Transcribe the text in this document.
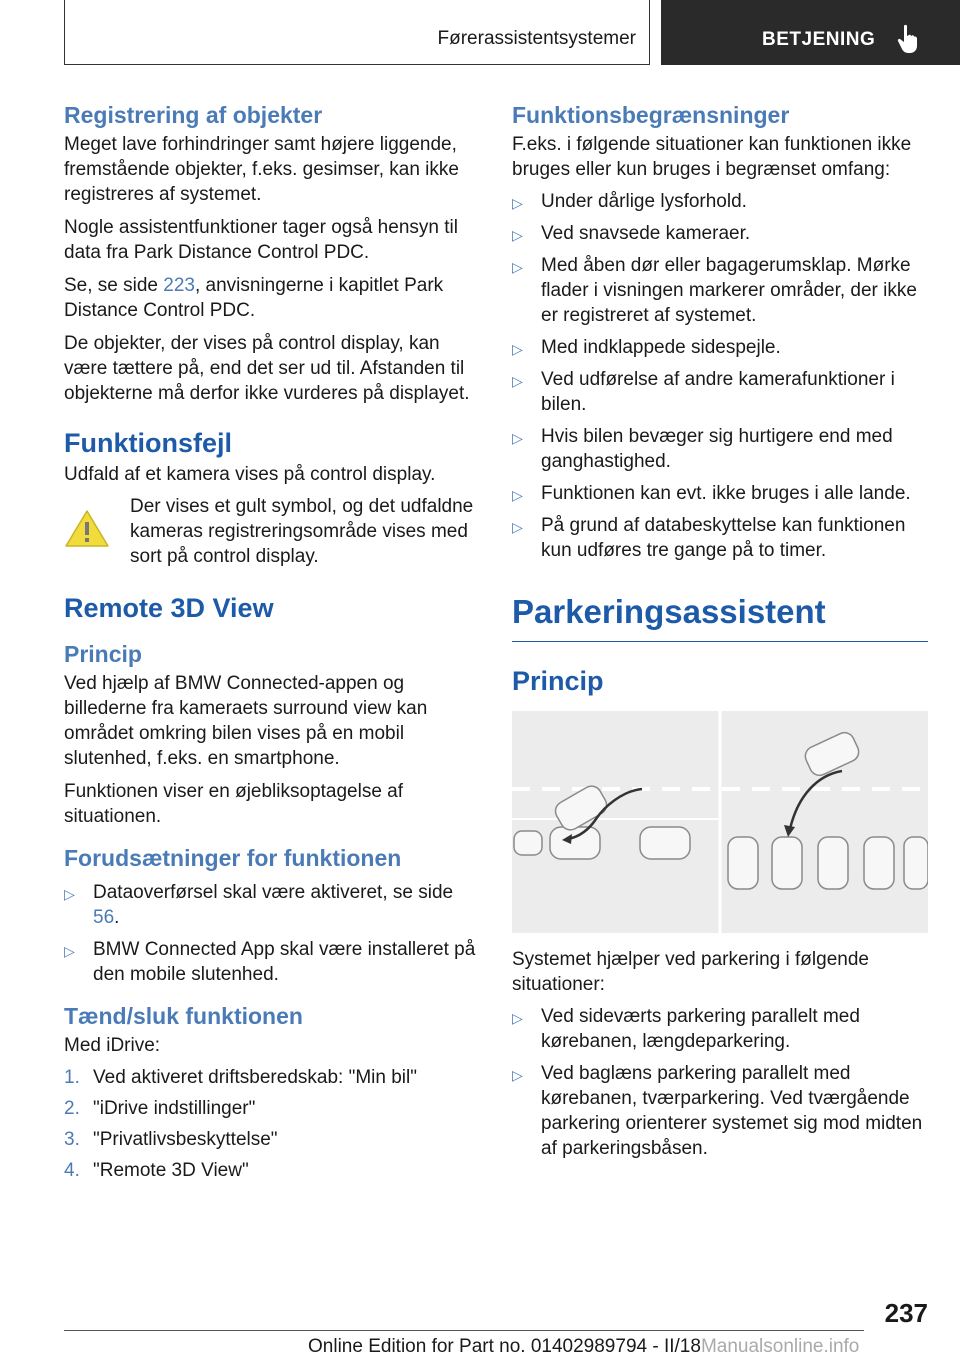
Førerassistentsystemer	BETJENING
Registrering af objekter

Meget lave forhindringer samt højere liggende, fremstående objekter, f.eks. gesimser, kan ikke registreres af systemet.

Nogle assistentfunktioner tager også hensyn til data fra Park Distance Control PDC.

Se, se side 223, anvisningerne i kapitlet Park Distance Control PDC.

De objekter, der vises på control display, kan være tættere på, end det ser ud til. Afstanden til objekterne må derfor ikke vurderes på displayet.

Funktionsfejl

Udfald af et kamera vises på control display.

Der vises et gult symbol, og det udfaldne kameras registreringsområde vises med sort på control display.

Remote 3D View
Princip

Ved hjælp af BMW Connected-appen og billederne fra kameraets surround view kan området omkring bilen vises på en mobil slutenhed, f.eks. en smartphone.

Funktionen viser en øjebliksoptagelse af situationen.

Forudsætninger for funktionen
▷ Dataoverførsel skal være aktiveret, se side 56.
▷ BMW Connected App skal være installeret på den mobile slutenhed.
Tænd/sluk funktionen

Med iDrive:

1. Ved aktiveret driftsberedskab: "Min bil"
2. "iDrive indstillinger"
3. "Privatlivsbeskyttelse"
4. "Remote 3D View"
Funktionsbegrænsninger

F.eks. i følgende situationer kan funktionen ikke bruges eller kun bruges i begrænset omfang:

▷ Under dårlige lysforhold.
▷ Ved snavsede kameraer.
▷ Med åben dør eller bagagerumsklap. Mørke flader i visningen markerer områder, der ikke er registreret af systemet.
▷ Med indklappede sidespejle.
▷ Ved udførelse af andre kamerafunktioner i bilen.
▷ Hvis bilen bevæger sig hurtigere end med ganghastighed.
▷ Funktionen kan evt. ikke bruges i alle lande.
▷ På grund af databeskyttelse kan funktionen kun udføres tre gange på to timer.
Parkeringsassistent
Princip

Systemet hjælper ved parkering i følgende situationer:

▷ Ved sideværts parkering parallelt med kørebanen, længdeparkering.
▷ Ved baglæns parkering parallelt med kørebanen, tværparkering. Ved tværgående parkering orienterer systemet sig mod midten af parkeringsbåsen.
237
Online Edition for Part no. 01402989794 - II/18Manualsonline.info
